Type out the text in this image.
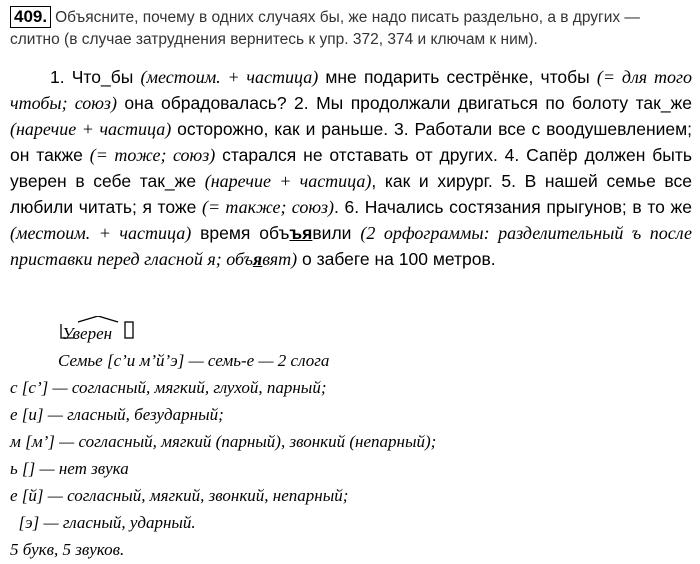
409. Объясните, почему в одних случаях бы, же надо писать раздельно, а в других —
слитно (в случае затруднения вернитесь к упр. 372, 374 и ключам к ним).
1. Что_бы (местоим. + частица) мне подарить сестрёнке, чтобы (= для того чтобы; союз) она обрадовалась? 2. Мы продолжали двигаться по болоту так_же (наречие + частица) осторожно, как и раньше. 3. Работали все с воодушевлением; он также (= тоже; союз) старался не отставать от других. 4. Сапёр должен быть уверен в себе так_же (наречие + частица), как и хирург. 5. В нашей семье все любили читать; я тоже (= также; союз). 6. Начались состязания прыгунов; в то же (местоим. + частица) время объъявили (2 орфограммы: разделительный ъ после приставки перед гласной я; объявят) о забеге на 100 метров.
Уверен
Семье [с’и м’й’э] — семь-е — 2 слога
с [с’] — согласный, мягкий, глухой, парный;
е [и] — гласный, безударный;
м [м’] — согласный, мягкий (парный), звонкий (непарный);
ь [] — нет звука
е [й] — согласный, мягкий, звонкий, непарный;
[э] — гласный, ударный.
5 букв, 5 звуков.
